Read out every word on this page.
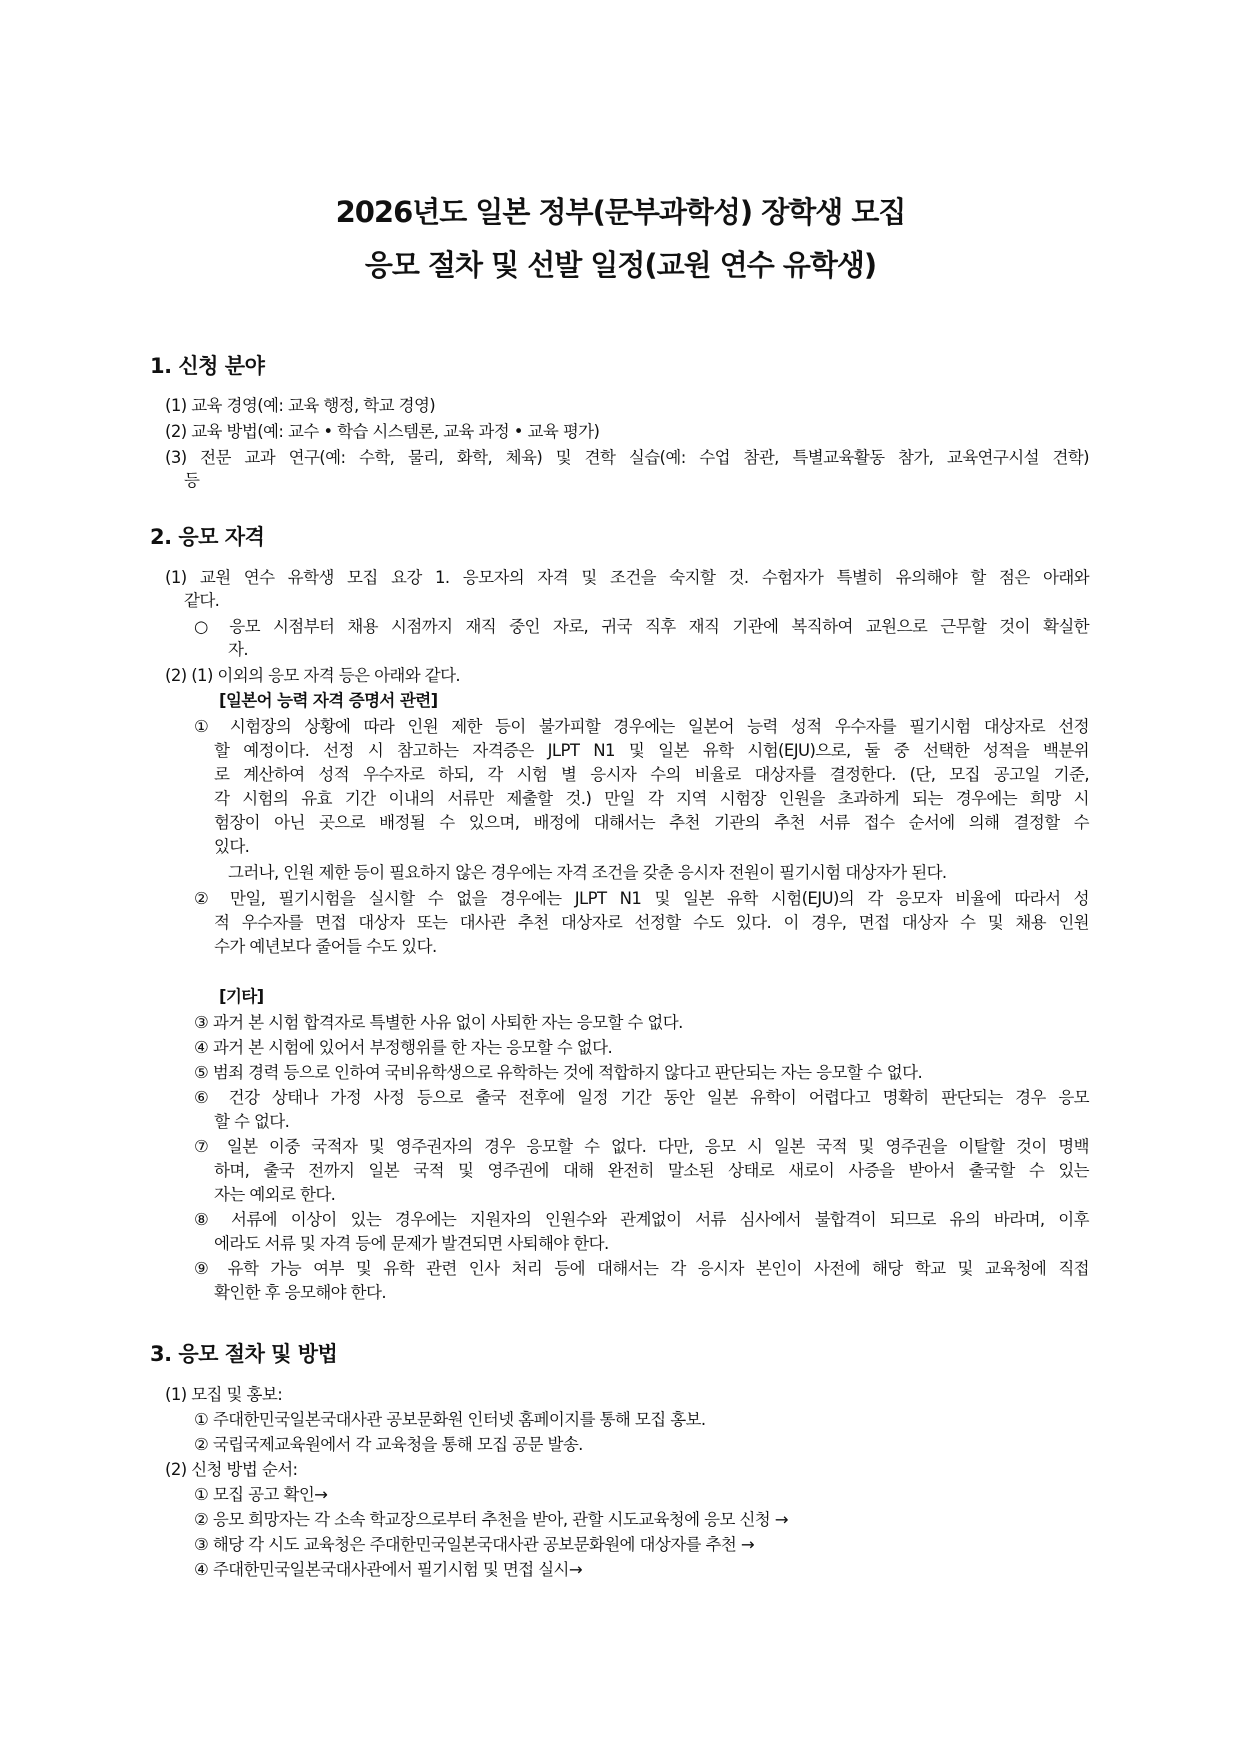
2026년도 일본 정부(문부과학성) 장학생 모집
응모 절차 및 선발 일정(교원 연수 유학생)
1. 신청 분야
(1) 교육 경영(예: 교육 행정, 학교 경영)
(2) 교육 방법(예: 교수 • 학습 시스템론, 교육 과정 • 교육 평가)
(3) 전문 교과 연구(예: 수학, 물리, 화학, 체육) 및 견학 실습(예: 수업 참관, 특별교육활동 참가, 교육연구시설 견학)
등
2. 응모 자격
(1) 교원 연수 유학생 모집 요강 1. 응모자의 자격 및 조건을 숙지할 것. 수험자가 특별히 유의해야 할 점은 아래와
같다.
○ 응모 시점부터 채용 시점까지 재직 중인 자로, 귀국 직후 재직 기관에 복직하여 교원으로 근무할 것이 확실한
자.
(2) (1) 이외의 응모 자격 등은 아래와 같다.
[일본어 능력 자격 증명서 관련]
① 시험장의 상황에 따라 인원 제한 등이 불가피할 경우에는 일본어 능력 성적 우수자를 필기시험 대상자로 선정
할 예정이다. 선정 시 참고하는 자격증은 JLPT N1 및 일본 유학 시험(EJU)으로, 둘 중 선택한 성적을 백분위
로 계산하여 성적 우수자로 하되, 각 시험 별 응시자 수의 비율로 대상자를 결정한다. (단, 모집 공고일 기준,
각 시험의 유효 기간 이내의 서류만 제출할 것.) 만일 각 지역 시험장 인원을 초과하게 되는 경우에는 희망 시
험장이 아닌 곳으로 배정될 수 있으며, 배정에 대해서는 추천 기관의 추천 서류 접수 순서에 의해 결정할 수
있다.
그러나, 인원 제한 등이 필요하지 않은 경우에는 자격 조건을 갖춘 응시자 전원이 필기시험 대상자가 된다.
② 만일, 필기시험을 실시할 수 없을 경우에는 JLPT N1 및 일본 유학 시험(EJU)의 각 응모자 비율에 따라서 성
적 우수자를 면접 대상자 또는 대사관 추천 대상자로 선정할 수도 있다. 이 경우, 면접 대상자 수 및 채용 인원
수가 예년보다 줄어들 수도 있다.
[기타]
③ 과거 본 시험 합격자로 특별한 사유 없이 사퇴한 자는 응모할 수 없다.
④ 과거 본 시험에 있어서 부정행위를 한 자는 응모할 수 없다.
⑤ 범죄 경력 등으로 인하여 국비유학생으로 유학하는 것에 적합하지 않다고 판단되는 자는 응모할 수 없다.
⑥ 건강 상태나 가정 사정 등으로 출국 전후에 일정 기간 동안 일본 유학이 어렵다고 명확히 판단되는 경우 응모
할 수 없다.
⑦ 일본 이중 국적자 및 영주권자의 경우 응모할 수 없다. 다만, 응모 시 일본 국적 및 영주권을 이탈할 것이 명백
하며, 출국 전까지 일본 국적 및 영주권에 대해 완전히 말소된 상태로 새로이 사증을 받아서 출국할 수 있는
자는 예외로 한다.
⑧ 서류에 이상이 있는 경우에는 지원자의 인원수와 관계없이 서류 심사에서 불합격이 되므로 유의 바라며, 이후
에라도 서류 및 자격 등에 문제가 발견되면 사퇴해야 한다.
⑨ 유학 가능 여부 및 유학 관련 인사 처리 등에 대해서는 각 응시자 본인이 사전에 해당 학교 및 교육청에 직접
확인한 후 응모해야 한다.
3. 응모 절차 및 방법
(1) 모집 및 홍보:
① 주대한민국일본국대사관 공보문화원 인터넷 홈페이지를 통해 모집 홍보.
② 국립국제교육원에서 각 교육청을 통해 모집 공문 발송.
(2) 신청 방법 순서:
① 모집 공고 확인→
② 응모 희망자는 각 소속 학교장으로부터 추천을 받아, 관할 시도교육청에 응모 신청 →
③ 해당 각 시도 교육청은 주대한민국일본국대사관 공보문화원에 대상자를 추천 →
④ 주대한민국일본국대사관에서 필기시험 및 면접 실시→
